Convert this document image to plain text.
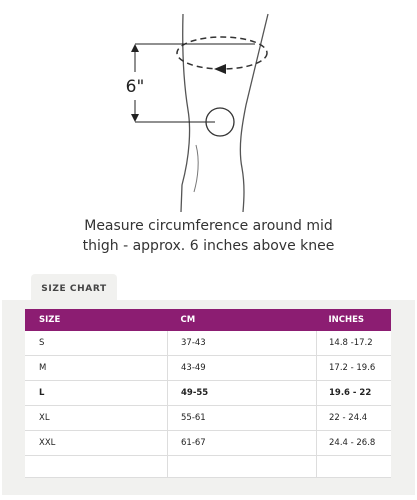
6"
Measure circumference around mid
thigh - approx. 6 inches above knee
SIZE CHART
SIZE	CM	INCHES
S	37-43	14.8 -17.2
M	43-49	17.2 - 19.6
L	49-55	19.6 - 22
XL	55-61	22 - 24.4
XXL	61-67	24.4 - 26.8
